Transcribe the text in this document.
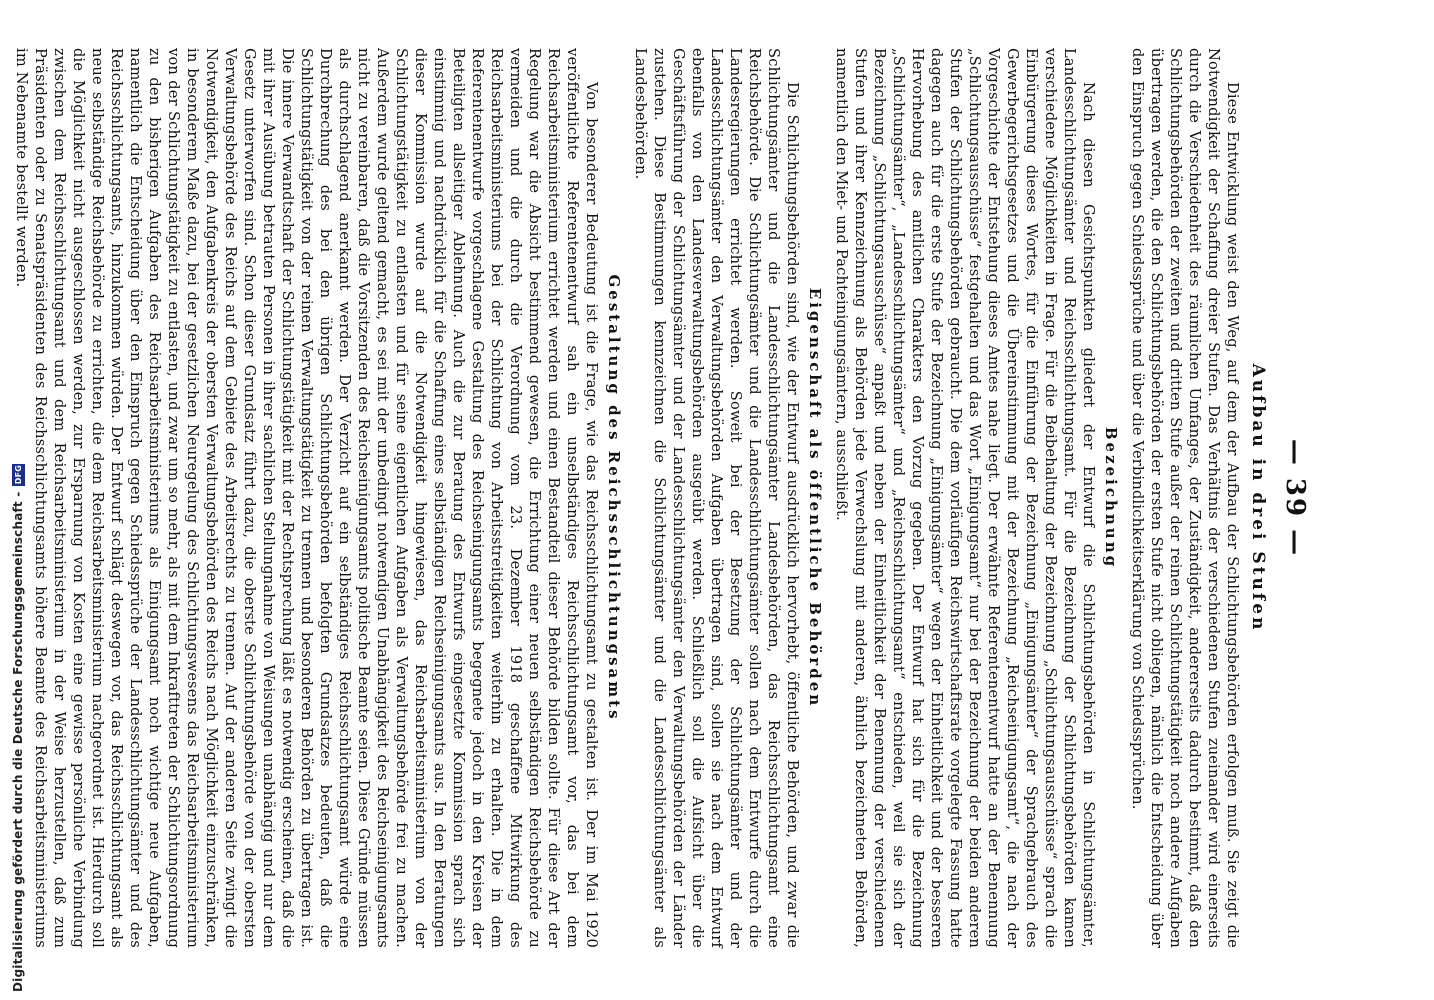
Digitalisierung gefördert durch die Deutsche Forschungsgemeinschaft -
DFG	— 39 —
Aufbau in drei Stufen

Diese Entwicklung weist den Weg, auf dem der Aufbau der Schlichtungsbehörden erfolgen muß. Sie zeigt die Notwendigkeit der Schaffung dreier Stufen. Das Verhältnis der verschiedenen Stufen zueinander wird einerseits durch die Verschiedenheit des räumlichen Umfanges, der Zuständigkeit, andererseits dadurch bestimmt, daß den Schlichtungsbehörden der zweiten und dritten Stufe außer der reinen Schlichtungstätigkeit noch andere Aufgaben übertragen werden, die den Schlichtungsbehörden der ersten Stufe nicht obliegen, nämlich die Entscheidung über den Einspruch gegen Schiedssprüche und über die Verbindlichkeitserklärung von Schiedssprüchen.

Bezeichnung

Nach diesen Gesichtspunkten gliedert der Entwurf die Schlichtungsbehörden in Schlichtungsämter, Landesschlichtungsämter und Reichsschlichtungsamt. Für die Bezeichnung der Schlichtungsbehörden kamen verschiedene Möglichkeiten in Frage. Für die Beibehaltung der Bezeichnung „Schlichtungsausschüsse“ sprach die Einbürgerung dieses Wortes, für die Einführung der Bezeichnung „Einigungsämter“ der Sprachgebrauch des Gewerbegerichtsgesetzes und die Übereinstimmung mit der Bezeichnung „Reichseinigungsamt“, die nach der Vorgeschichte der Entstehung dieses Amtes nahe liegt. Der erwähnte Referentenentwurf hatte an der Benennung „Schlichtungsausschüsse“ festgehalten und das Wort „Einigungsamt“ nur bei der Bezeichnung der beiden anderen Stufen der Schlichtungsbehörden gebraucht. Die dem vorläufigen Reichswirtschaftsrate vorgelegte Fassung hatte dagegen auch für die erste Stufe der Bezeichnung „Einigungsämter“ wegen der Einheitlichkeit und der besseren Hervorhebung des amtlichen Charakters den Vorzug gegeben. Der Entwurf hat sich für die Bezeichnung „Schlichtungsämter“, „Landesschlichtungsämter“ und „Reichsschlichtungsamt“ entschieden, weil sie sich der Bezeichnung „Schlichtungsausschüsse“ anpaßt und neben der Einheitlichkeit der Benennung der verschiedenen Stufen und ihrer Kennzeichnung als Behörden jede Verwechslung mit anderen, ähnlich bezeichneten Behörden, namentlich den Miet- und Pachteinigungsämtern, ausschließt.

Eigenschaft als öffentliche Behörden

Die Schlichtungsbehörden sind, wie der Entwurf ausdrücklich hervorhebt, öffentliche Behörden, und zwar die Schlichtungsämter und die Landesschlichtungsämter Landesbehörden, das Reichsschlichtungsamt eine Reichsbehörde. Die Schlichtungsämter und die Landesschlichtungsämter sollen nach dem Entwurfe durch die Landesregierungen errichtet werden. Soweit bei der Besetzung der Schlichtungsämter und der Landesschlichtungsämter den Verwaltungsbehörden Aufgaben übertragen sind, sollen sie nach dem Entwurf ebenfalls von den Landesverwaltungsbehörden ausgeübt werden. Schließlich soll die Aufsicht über die Geschäftsführung der Schlichtungsämter und der Landesschlichtungsämter den Verwaltungsbehörden der Länder zustehen. Diese Bestimmungen kennzeichnen die Schlichtungsämter und die Landesschlichtungsämter als Landesbehörden.

Gestaltung des Reichsschlichtungsamts

Von besonderer Bedeutung ist die Frage, wie das Reichsschlichtungsamt zu gestalten ist. Der im Mai 1920 veröffentlichte Referentenentwurf sah ein unselbständiges Reichsschlichtungsamt vor, das bei dem Reichsarbeitsministerium errichtet werden und einen Bestandteil dieser Behörde bilden sollte. Für diese Art der Regelung war die Absicht bestimmend gewesen, die Errichtung einer neuen selbständigen Reichsbehörde zu vermeiden und die durch die Verordnung vom 23. Dezember 1918 geschaffene Mitwirkung des Reichsarbeitsministeriums bei der Schlichtung von Arbeitsstreitigkeiten weiterhin zu erhalten. Die in dem Referentenentwurfe vorgeschlagene Gestaltung des Reichseinigungsamts begegnete jedoch in den Kreisen der Beteiligten allseitiger Ablehnung. Auch die zur Beratung des Entwurfs eingesetzte Kommission sprach sich einstimmig und nachdrücklich für die Schaffung eines selbständigen Reichseinigungsamts aus. In den Beratungen dieser Kommission wurde auf die Notwendigkeit hingewiesen, das Reichsarbeitsministerium von der Schlichtungstätigkeit zu entlasten und für seine eigentlichen Aufgaben als Verwaltungsbehörde frei zu machen. Außerdem wurde geltend gemacht, es sei mit der unbedingt notwendigen Unabhängigkeit des Reichseinigungsamts nicht zu vereinbaren, daß die Vorsitzenden des Reichseinigungsamts politische Beamte seien. Diese Gründe müssen als durchschlagend anerkannt werden. Der Verzicht auf ein selbständiges Reichsschlichtungsamt würde eine Durchbrechung des bei den übrigen Schlichtungsbehörden befolgten Grundsatzes bedeuten, daß die Schlichtungstätigkeit von der reinen Verwaltungstätigkeit zu trennen und besonderen Behörden zu übertragen ist. Die innere Verwandtschaft der Schlichtungstätigkeit mit der Rechtsprechung läßt es notwendig erscheinen, daß die mit ihrer Ausübung betrauten Personen in ihrer sachlichen Stellungnahme von Weisungen unabhängig und nur dem Gesetz unterworfen sind. Schon dieser Grundsatz führt dazu, die oberste Schlichtungsbehörde von der obersten Verwaltungsbehörde des Reichs auf dem Gebiete des Arbeitsrechts zu trennen. Auf der anderen Seite zwingt die Notwendigkeit, den Aufgabenkreis der obersten Verwaltungsbehörden des Reichs nach Möglichkeit einzuschränken, in besonderem Maße dazu, bei der gesetzlichen Neuregelung des Schlichtungswesens das Reichsarbeitsministerium von der Schlichtungstätigkeit zu entlasten, und zwar um so mehr, als mit dem Inkrafttreten der Schlichtungsordnung zu den bisherigen Aufgaben des Reichsarbeitsministeriums als Einigungsamt noch wichtige neue Aufgaben, namentlich die Entscheidung über den Einspruch gegen Schiedssprüche der Landesschlichtungsämter und des Reichsschlichtungsamts, hinzukommen würden. Der Entwurf schlägt deswegen vor, das Reichsschlichtungsamt als neue selbständige Reichsbehörde zu errichten, die dem Reichsarbeitsministerium nachgeordnet ist. Hierdurch soll die Möglichkeit nicht ausgeschlossen werden, zur Ersparnung von Kosten eine gewisse persönliche Verbindung zwischen dem Reichsschlichtungsamt und dem Reichsarbeitsministerium in der Weise herzustellen, daß zum Präsidenten oder zu Senatspräsidenten des Reichsschlichtungsamts höhere Beamte des Reichsarbeitsministeriums im Nebenamte bestellt werden.
